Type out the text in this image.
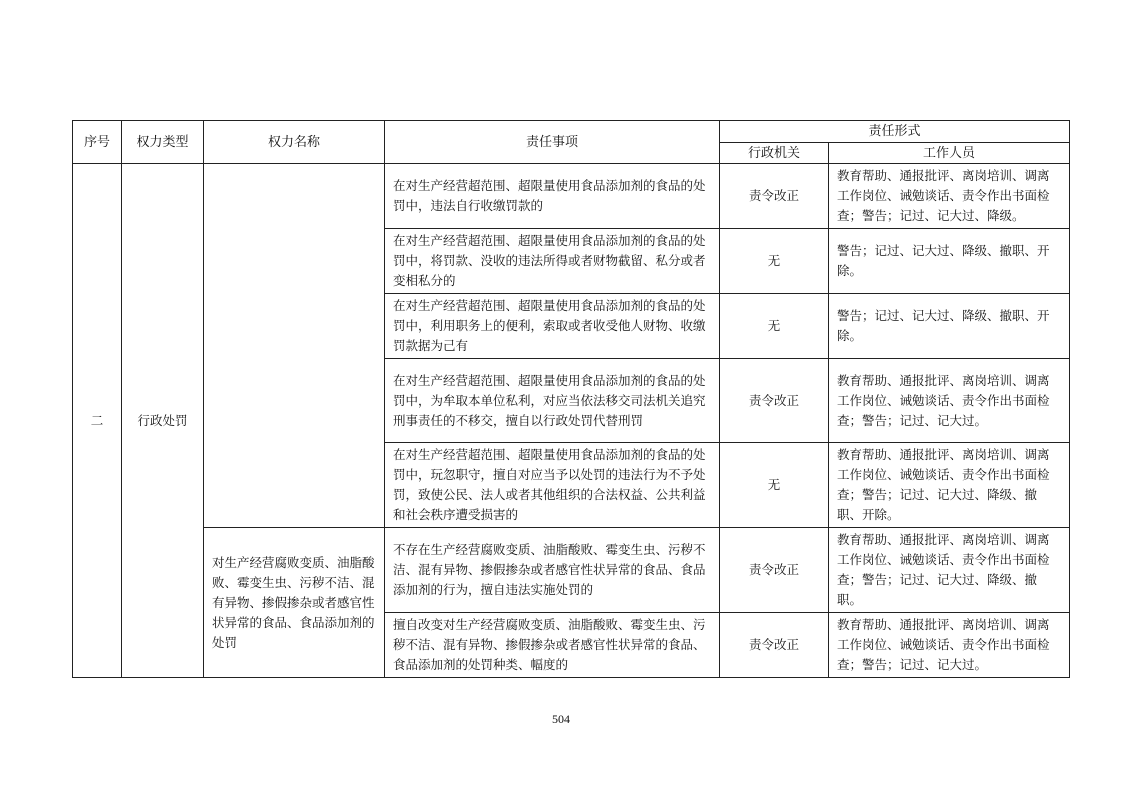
序号	权力类型	权力名称	责任事项	责任形式	
				行政机关	工作人员
二	行政处罚		在对生产经营超范围、超限量使用食品添加剂的食品的处罚中，违法自行收缴罚款的	责令改正	教育帮助、通报批评、离岗培训、调离工作岗位、诫勉谈话、责令作出书面检查；警告；记过、记大过、降级。
			在对生产经营超范围、超限量使用食品添加剂的食品的处罚中，将罚款、没收的违法所得或者财物截留、私分或者变相私分的	无	警告；记过、记大过、降级、撤职、开除。
			在对生产经营超范围、超限量使用食品添加剂的食品的处罚中，利用职务上的便利，索取或者收受他人财物、收缴罚款据为己有	无	警告；记过、记大过、降级、撤职、开除。
			在对生产经营超范围、超限量使用食品添加剂的食品的处罚中，为牟取本单位私利，对应当依法移交司法机关追究刑事责任的不移交，擅自以行政处罚代替刑罚	责令改正	教育帮助、通报批评、离岗培训、调离工作岗位、诫勉谈话、责令作出书面检查；警告；记过、记大过。
			在对生产经营超范围、超限量使用食品添加剂的食品的处罚中，玩忽职守，擅自对应当予以处罚的违法行为不予处罚，致使公民、法人或者其他组织的合法权益、公共利益和社会秩序遭受损害的	无	教育帮助、通报批评、离岗培训、调离工作岗位、诫勉谈话、责令作出书面检查；警告；记过、记大过、降级、撤职、开除。
		对生产经营腐败变质、油脂酸败、霉变生虫、污秽不洁、混有异物、掺假掺杂或者感官性状异常的食品、食品添加剂的处罚	不存在生产经营腐败变质、油脂酸败、霉变生虫、污秽不洁、混有异物、掺假掺杂或者感官性状异常的食品、食品添加剂的行为，擅自违法实施处罚的	责令改正	教育帮助、通报批评、离岗培训、调离工作岗位、诫勉谈话、责令作出书面检查；警告；记过、记大过、降级、撤职。
			擅自改变对生产经营腐败变质、油脂酸败、霉变生虫、污秽不洁、混有异物、掺假掺杂或者感官性状异常的食品、食品添加剂的处罚种类、幅度的	责令改正	教育帮助、通报批评、离岗培训、调离工作岗位、诫勉谈话、责令作出书面检查；警告；记过、记大过。
504
